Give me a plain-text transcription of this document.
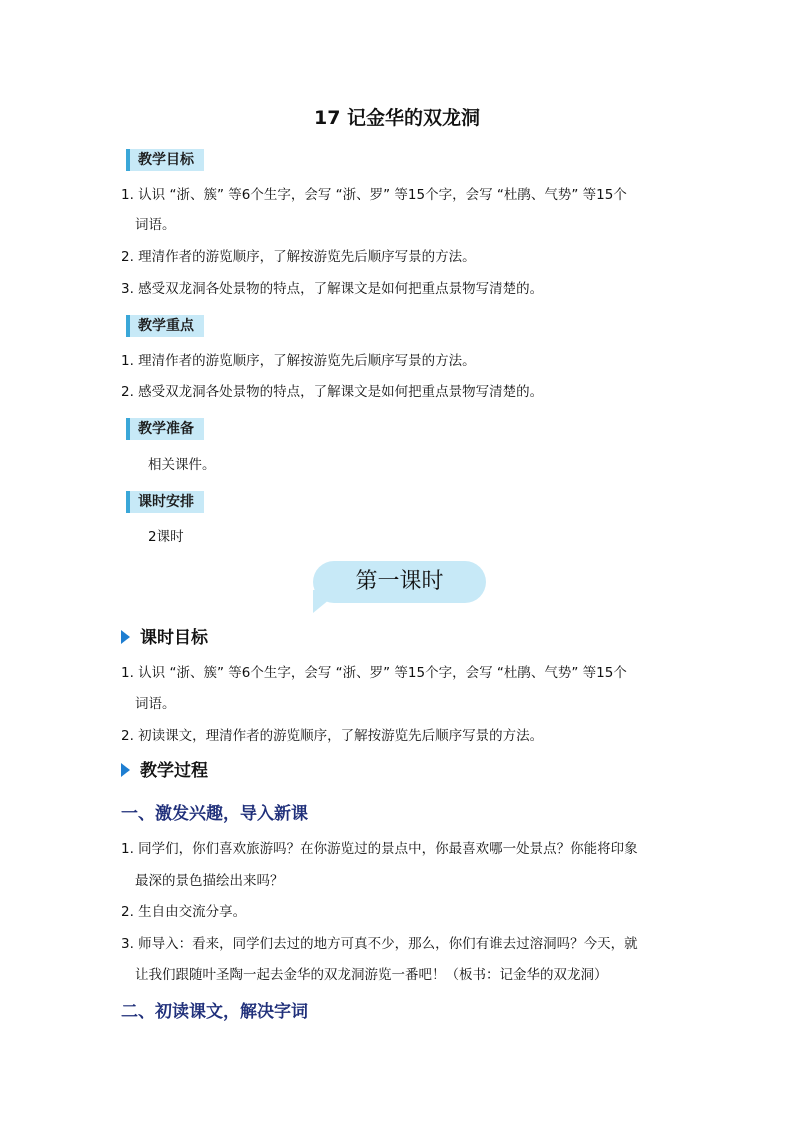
17 记金华的双龙洞
教学目标
1. 认识 “浙、簇” 等6个生字，会写 “浙、罗” 等15个字，会写 “杜鹃、气势” 等15个
词语。
2. 理清作者的游览顺序，了解按游览先后顺序写景的方法。
3. 感受双龙洞各处景物的特点，了解课文是如何把重点景物写清楚的。
教学重点
1. 理清作者的游览顺序，了解按游览先后顺序写景的方法。
2. 感受双龙洞各处景物的特点，了解课文是如何把重点景物写清楚的。
教学准备
相关课件。
课时安排
2课时
第一课时
课时目标
1. 认识 “浙、簇” 等6个生字，会写 “浙、罗” 等15个字，会写 “杜鹃、气势” 等15个
词语。
2. 初读课文，理清作者的游览顺序，了解按游览先后顺序写景的方法。
教学过程
一、激发兴趣，导入新课
1. 同学们，你们喜欢旅游吗？在你游览过的景点中，你最喜欢哪一处景点？你能将印象
最深的景色描绘出来吗？
2. 生自由交流分享。
3. 师导入：看来，同学们去过的地方可真不少，那么，你们有谁去过溶洞吗？今天，就
让我们跟随叶圣陶一起去金华的双龙洞游览一番吧！（板书：记金华的双龙洞）
二、初读课文，解决字词
